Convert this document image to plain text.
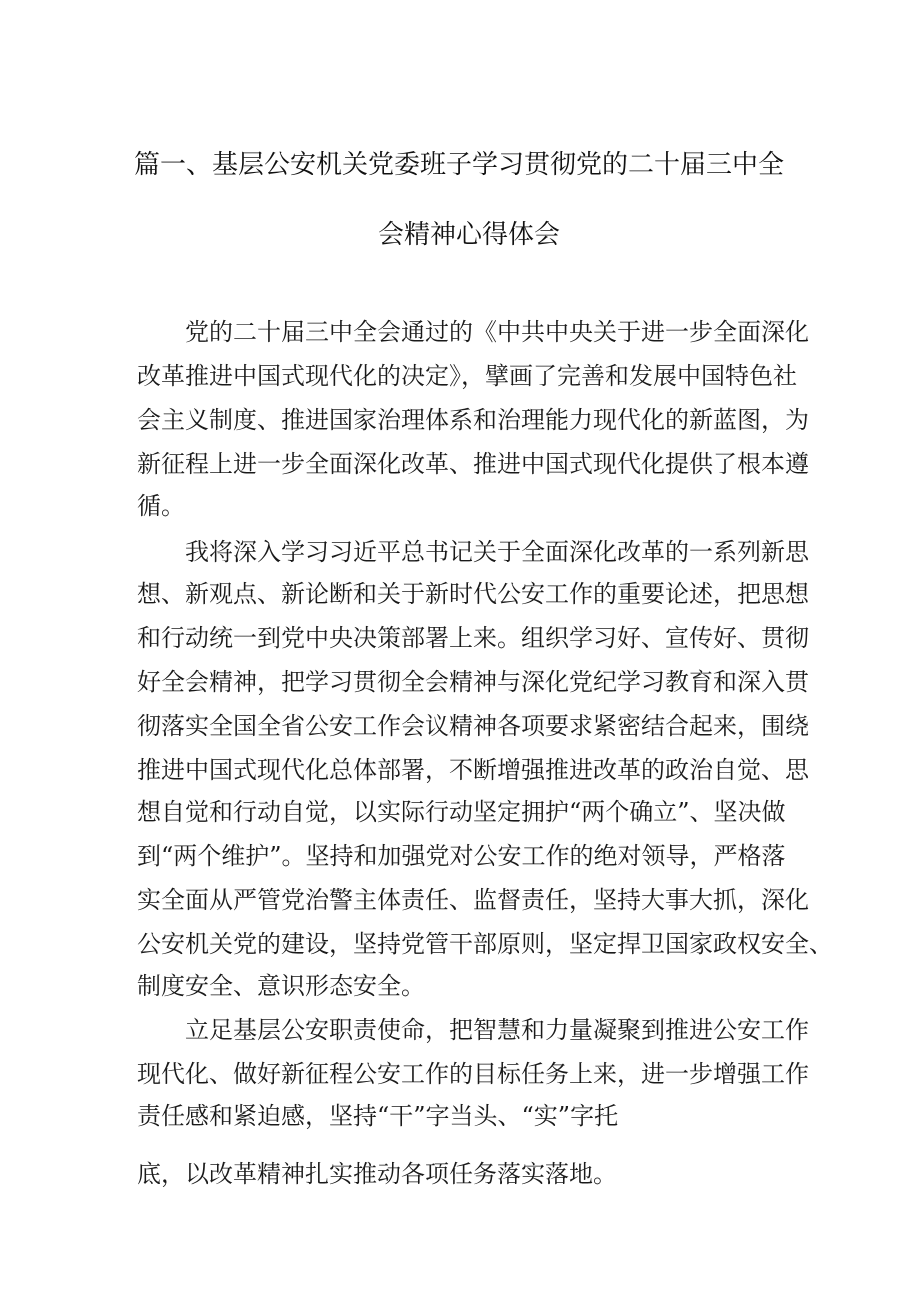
篇一、基层公安机关党委班子学习贯彻党的二十届三中全
会精神心得体会
党的二十届三中全会通过的《中共中央关于进一步全面深化
改革推进中国式现代化的决定》，擘画了完善和发展中国特色社
会主义制度、推进国家治理体系和治理能力现代化的新蓝图，为
新征程上进一步全面深化改革、推进中国式现代化提供了根本遵
循。
我将深入学习习近平总书记关于全面深化改革的一系列新思
想、新观点、新论断和关于新时代公安工作的重要论述，把思想
和行动统一到党中央决策部署上来。组织学习好、宣传好、贯彻
好全会精神，把学习贯彻全会精神与深化党纪学习教育和深入贯
彻落实全国全省公安工作会议精神各项要求紧密结合起来，围绕
推进中国式现代化总体部署，不断增强推进改革的政治自觉、思
想自觉和行动自觉，以实际行动坚定拥护“两个确立”、坚决做
到“两个维护”。坚持和加强党对公安工作的绝对领导，严格落
实全面从严管党治警主体责任、监督责任，坚持大事大抓，深化
公安机关党的建设，坚持党管干部原则，坚定捍卫国家政权安全、
制度安全、意识形态安全。
立足基层公安职责使命，把智慧和力量凝聚到推进公安工作
现代化、做好新征程公安工作的目标任务上来，进一步增强工作
责任感和紧迫感，坚持“干”字当头、“实”字托
底，以改革精神扎实推动各项任务落实落地。
